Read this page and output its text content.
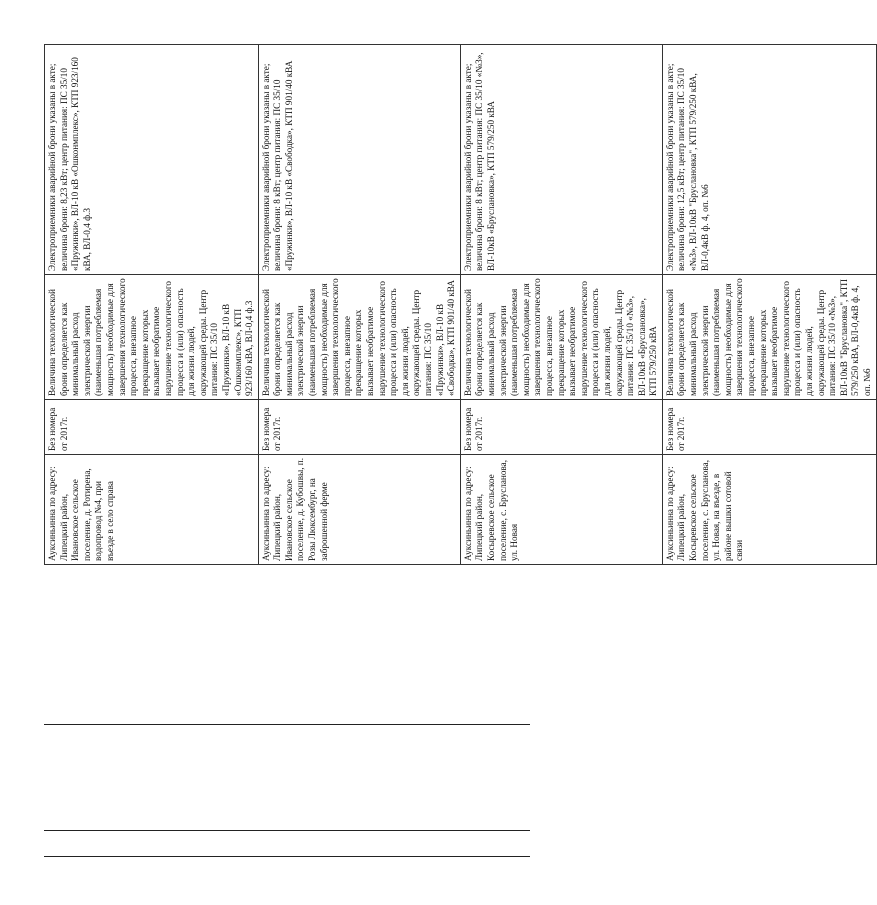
Ауксиньинна по адресу: Липецкий район, Ивановское сельское поселение, д. Ротирена, водопровод №4, при въезде в село справа	Без номера от 2017г.	Величина технологической брони определяется как минимальный расход электрической энергии (наименьшая потребляемая мощность) необходимые для завершения технологического процесса, внезапное прекращение которых вызывает необратимое нарушение технологического процесса и (или) опасность для жизни людей, окружающей среды. Центр питания: ПС 35/10 «Пружинки», ВЛ-10 кВ «Ошконмплекс», КТП 923/160 кВА, ВЛ-0,4 ф.3	Электроприемники аварийной брони указаны в акте; величина брони: 8,23 кВт; центр питания: ПС 35/10 «Пружинки», ВЛ-10 кВ «Ошконмплекс», КТП 923/160 кВА, ВЛ-0,4 ф.3
Ауксиньинна по адресу: Липецкий район, Ивановское сельское поселение, д. Кубошвы, п. Розы Люксембург, на заброшенной ферме	Без номера от 2017г.	Величина технологической брони определяется как минимальный расход электрической энергии (наименьшая потребляемая мощность) необходимые для завершения технологического процесса, внезапное прекращение которых вызывает необратимое нарушение технологического процесса и (или) опасность для жизни людей, окружающей среды. Центр питания: ПС 35/10 «Пружинки», ВЛ-10 кВ «Свободка», КТП 901/40 кВА	Электроприемники аварийной брони указаны в акте; величина брони: 8 кВт; центр питания: ПС 35/10 «Пружинки», ВЛ-10 кВ «Свободка», КТП 901/40 кВА
Ауксиньинна по адресу: Липецкий район, Косыревское сельское поселение, с. Брусланова, ул. Новая	Без номера от 2017г.	Величина технологической брони определяется как минимальный расход электрической энергии (наименьшая потребляемая мощность) необходимые для завершения технологического процесса, внезапное прекращение которых вызывает необратимое нарушение технологического процесса и (или) опасность для жизни людей, окружающей среды. Центр питания: ПС 35/10 «№3», ВЛ-10кВ «Бруслановка», КТП 579/250 кВА	Электроприемники аварийной брони указаны в акте; величина брони: 8 кВт; центр питания: ПС 35/10 «№3», ВЛ-10кВ «Бруслановка», КТП 579/250 кВА
Ауксиньинна по адресу: Липецкий район, Косыревское сельское поселение, с. Брусланова, ул. Новая, на въезде, в районе вышки сотовой связи	Без номера от 2017г.	Величина технологической брони определяется как минимальный расход электрической энергии (наименьшая потребляемая мощность) необходимые для завершения технологического процесса, внезапное прекращение которых вызывает необратимое нарушение технологического процесса и (или) опасность для жизни людей, окружающей среды. Центр питания: ПС 35/10 «№3», ВЛ-10кВ "Бруслановка", КТП 579/250 кВА, ВЛ-0,4кВ ф. 4, оп. №6	Электроприемники аварийной брони указаны в акте; величина брони: 12,5 кВт; центр питания: ПС 35/10 «№3», ВЛ-10кВ "Бруслановка", КТП 579/250 кВА, ВЛ-0,4кВ ф. 4, оп. №6
